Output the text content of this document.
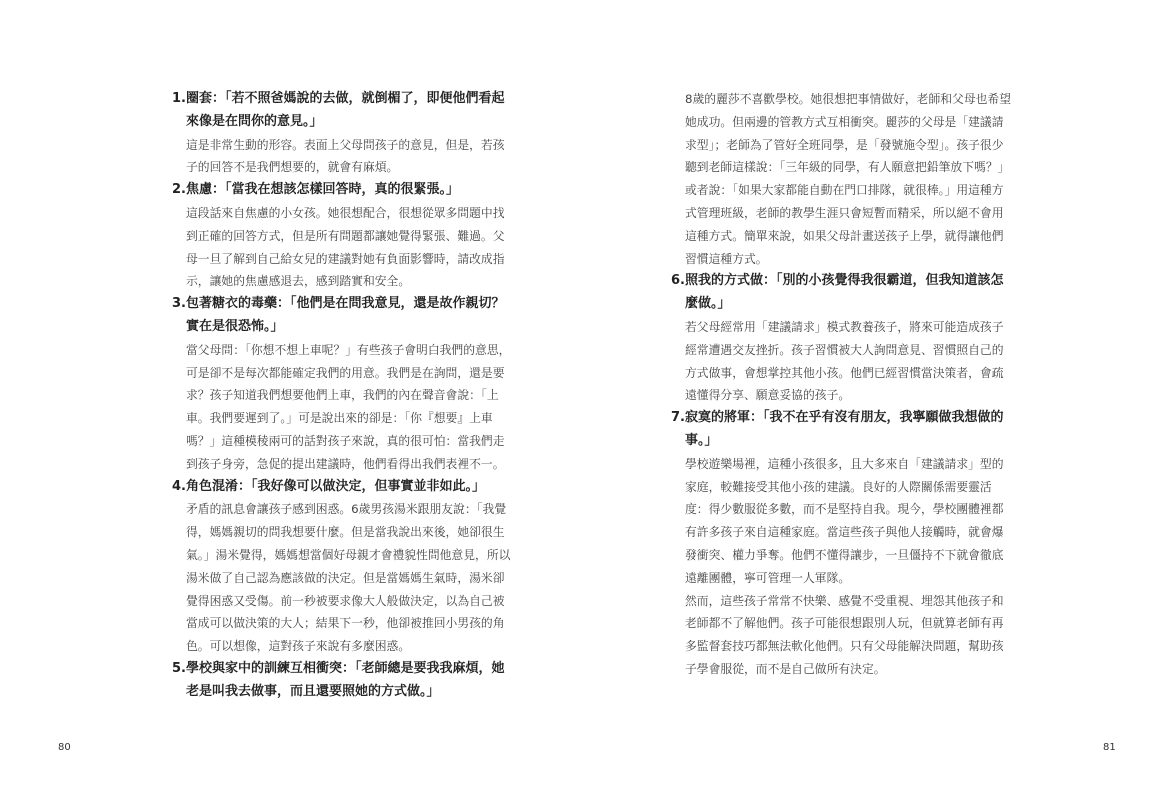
1. 圈套：「若不照爸媽說的去做，就倒楣了，即便他們看起來像是在問你的意見。」

這是非常生動的形容。表面上父母問孩子的意見，但是，若孩子的回答不是我們想要的，就會有麻煩。

2. 焦慮：「當我在想該怎樣回答時，真的很緊張。」

這段話來自焦慮的小女孩。她很想配合，很想從眾多問題中找到正確的回答方式，但是所有問題都讓她覺得緊張、難過。父母一旦了解到自己給女兒的建議對她有負面影響時，請改成指示，讓她的焦慮感退去，感到踏實和安全。

3. 包著糖衣的毒藥：「他們是在問我意見，還是故作親切？實在是很恐怖。」

當父母問：「你想不想上車呢？」有些孩子會明白我們的意思，可是卻不是每次都能確定我們的用意。我們是在詢問，還是要求？孩子知道我們想要他們上車，我們的內在聲音會說：「上車。我們要遲到了。」可是說出來的卻是：「你『想要』上車嗎？」這種模稜兩可的話對孩子來說，真的很可怕：當我們走到孩子身旁，急促的提出建議時，他們看得出我們表裡不一。

4. 角色混淆：「我好像可以做決定，但事實並非如此。」

矛盾的訊息會讓孩子感到困惑。6歲男孩湯米跟朋友說：「我覺得，媽媽親切的問我想要什麼。但是當我說出來後，她卻很生氣。」湯米覺得，媽媽想當個好母親才會禮貌性問他意見，所以湯米做了自己認為應該做的決定。但是當媽媽生氣時，湯米卻覺得困惑又受傷。前一秒被要求像大人般做決定，以為自己被當成可以做決策的大人；結果下一秒，他卻被推回小男孩的角色。可以想像，這對孩子來說有多麼困惑。

5. 學校與家中的訓練互相衝突：「老師總是要我我麻煩，她老是叫我去做事，而且還要照她的方式做。」
80

8歲的麗莎不喜歡學校。她很想把事情做好，老師和父母也希望她成功。但兩邊的管教方式互相衝突。麗莎的父母是「建議請求型」；老師為了管好全班同學，是「發號施令型」。孩子很少聽到老師這樣說：「三年級的同學，有人願意把鉛筆放下嗎？」或者說：「如果大家都能自動在門口排隊，就很棒。」用這種方式管理班級，老師的教學生涯只會短暫而精采，所以絕不會用這種方式。簡單來說，如果父母計畫送孩子上學，就得讓他們習慣這種方式。

6. 照我的方式做：「別的小孩覺得我很霸道，但我知道該怎麼做。」

若父母經常用「建議請求」模式教養孩子，將來可能造成孩子經常遭遇交友挫折。孩子習慣被大人詢問意見、習慣照自己的方式做事，會想掌控其他小孩。他們已經習慣當決策者，會疏遠懂得分享、願意妥協的孩子。

7. 寂寞的將軍：「我不在乎有沒有朋友，我寧願做我想做的事。」

學校遊樂場裡，這種小孩很多，且大多來自「建議請求」型的家庭，較難接受其他小孩的建議。良好的人際關係需要靈活度：得少數服從多數，而不是堅持自我。現今，學校團體裡都有許多孩子來自這種家庭。當這些孩子與他人接觸時，就會爆發衝突、權力爭奪。他們不懂得讓步，一旦僵持不下就會徹底遠離團體，寧可管理一人軍隊。

然而，這些孩子常常不快樂、感覺不受重視、埋怨其他孩子和老師都不了解他們。孩子可能很想跟別人玩，但就算老師有再多監督套技巧都無法軟化他們。只有父母能解決問題，幫助孩子學會服從，而不是自己做所有決定。

81
